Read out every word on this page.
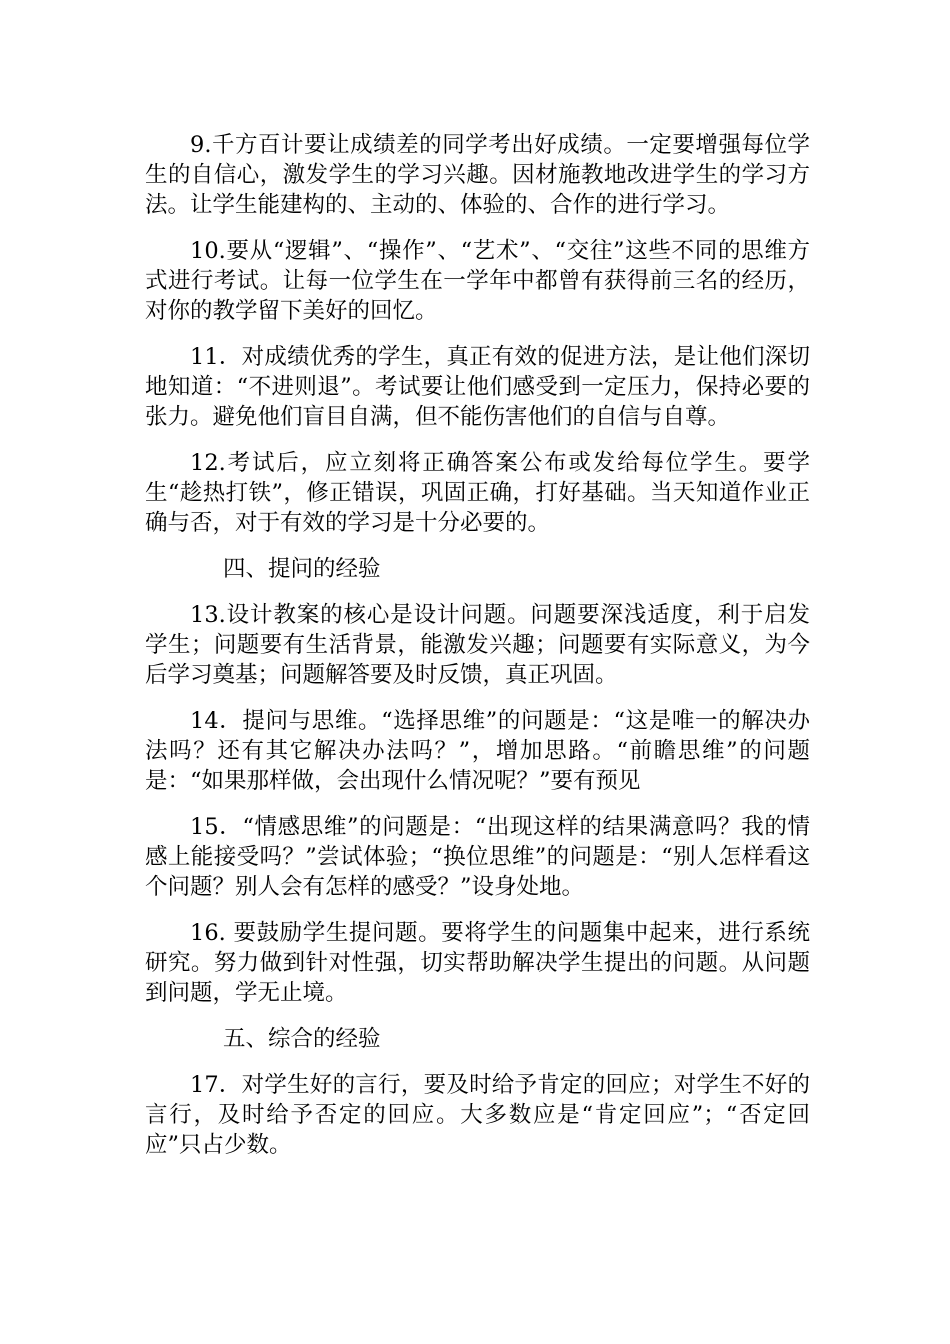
9.千方百计要让成绩差的同学考出好成绩。一定要增强每位学生的自信心，激发学生的学习兴趣。因材施教地改进学生的学习方法。让学生能建构的、主动的、体验的、合作的进行学习。

10.要从“逻辑”、“操作”、“艺术”、“交往”这些不同的思维方式进行考试。让每一位学生在一学年中都曾有获得前三名的经历，对你的教学留下美好的回忆。

11．对成绩优秀的学生，真正有效的促进方法，是让他们深切地知道：“不进则退”。考试要让他们感受到一定压力，保持必要的张力。避免他们盲目自满，但不能伤害他们的自信与自尊。

12.考试后，应立刻将正确答案公布或发给每位学生。要学生“趁热打铁”，修正错误，巩固正确，打好基础。当天知道作业正确与否，对于有效的学习是十分必要的。

四、提问的经验

13.设计教案的核心是设计问题。问题要深浅适度，利于启发学生；问题要有生活背景，能激发兴趣；问题要有实际意义，为今后学习奠基；问题解答要及时反馈，真正巩固。

14．提问与思维。“选择思维”的问题是：“这是唯一的解决办法吗？还有其它解决办法吗？”，增加思路。“前瞻思维”的问题是：“如果那样做，会出现什么情况呢？”要有预见

15．“情感思维”的问题是：“出现这样的结果满意吗？我的情感上能接受吗？”尝试体验；“换位思维”的问题是：“别人怎样看这个问题？别人会有怎样的感受？”设身处地。

16. 要鼓励学生提问题。要将学生的问题集中起来，进行系统研究。努力做到针对性强，切实帮助解决学生提出的问题。从问题到问题，学无止境。

五、综合的经验

17．对学生好的言行，要及时给予肯定的回应；对学生不好的言行，及时给予否定的回应。大多数应是“肯定回应”；“否定回应”只占少数。
